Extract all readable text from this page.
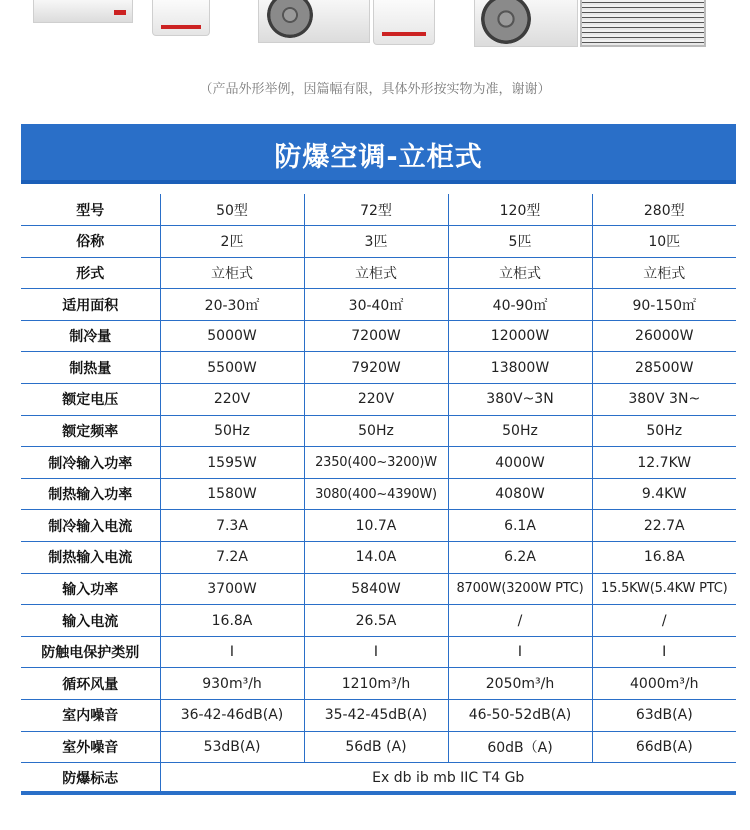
（产品外形举例，因篇幅有限，具体外形按实物为准，谢谢）
防爆空调-立柜式
型号	50型	72型	120型	280型
俗称	2匹	3匹	5匹	10匹
形式	立柜式	立柜式	立柜式	立柜式
适用面积	20-30㎡	30-40㎡	40-90㎡	90-150㎡
制冷量	5000W	7200W	12000W	26000W
制热量	5500W	7920W	13800W	28500W
额定电压	220V	220V	380V~3N	380V 3N~
额定频率	50Hz	50Hz	50Hz	50Hz
制冷输入功率	1595W	2350(400~3200)W	4000W	12.7KW
制热输入功率	1580W	3080(400~4390W)	4080W	9.4KW
制冷输入电流	7.3A	10.7A	6.1A	22.7A
制热输入电流	7.2A	14.0A	6.2A	16.8A
输入功率	3700W	5840W	8700W(3200W PTC)	15.5KW(5.4KW PTC)
输入电流	16.8A	26.5A	/	/
防触电保护类别	I	I	I	I
循环风量	930m³/h	1210m³/h	2050m³/h	4000m³/h
室内噪音	36-42-46dB(A)	35-42-45dB(A)	46-50-52dB(A)	63dB(A)
室外噪音	53dB(A)	56dB (A)	60dB（A)	66dB(A)
防爆标志	Ex db ib mb IIC T4 Gb			
